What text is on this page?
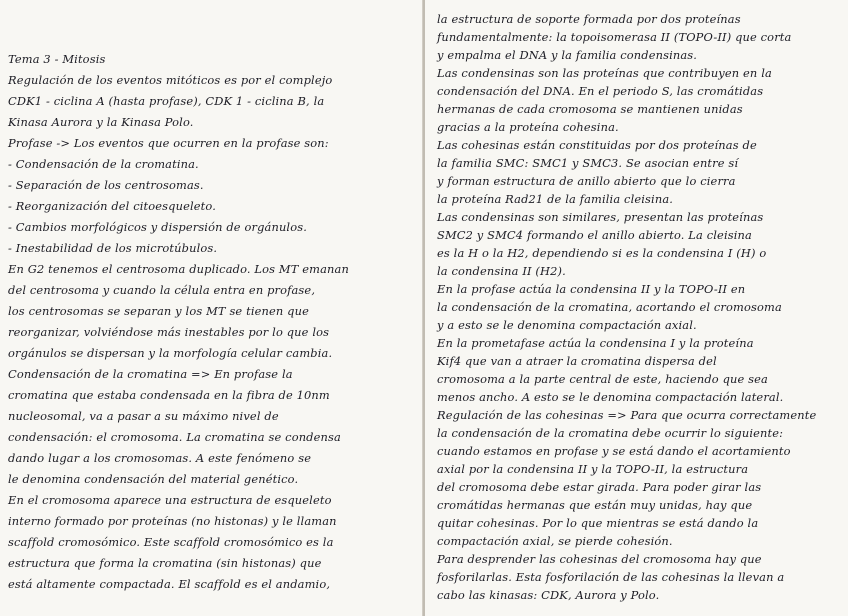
Tema 3 - Mitosis
Regulación de los eventos mitóticos es por el complejo
CDK1 - ciclina A (hasta profase), CDK 1 - ciclina B, la
Kinasa Aurora y la Kinasa Polo.
Profase -> Los eventos que ocurren en la profase son:
- Condensación de la cromatina.
- Separación de los centrosomas.
- Reorganización del citoesqueleto.
- Cambios morfológicos y dispersión de orgánulos.
- Inestabilidad de los microtúbulos.
En G2 tenemos el centrosoma duplicado. Los MT emanan
del centrosoma y cuando la célula entra en profase,
los centrosomas se separan y los MT se tienen que
reorganizar, volviéndose más inestables por lo que los
orgánulos se dispersan y la morfología celular cambia.
Condensación de la cromatina => En profase la
cromatina que estaba condensada en la fibra de 10nm
nucleosomal, va a pasar a su máximo nivel de
condensación: el cromosoma. La cromatina se condensa
dando lugar a los cromosomas. A este fenómeno se
le denomina condensación del material genético.
En el cromosoma aparece una estructura de esqueleto
interno formado por proteínas (no histonas) y le llaman
scaffold cromosómico. Este scaffold cromosómico es la
estructura que forma la cromatina (sin histonas) que
está altamente compactada. El scaffold es el andamio,
la estructura de soporte formada por dos proteínas
fundamentalmente: la topoisomerasa II (TOPO-II) que corta
y empalma el DNA y la familia condensinas.
Las condensinas son las proteínas que contribuyen en la
condensación del DNA. En el periodo S, las cromátidas
hermanas de cada cromosoma se mantienen unidas
gracias a la proteína cohesina.
Las cohesinas están constituidas por dos proteínas de
la familia SMC: SMC1 y SMC3. Se asocian entre sí
y forman estructura de anillo abierto que lo cierra
la proteína Rad21 de la familia cleisina.
Las condensinas son similares, presentan las proteínas
SMC2 y SMC4 formando el anillo abierto. La cleisina
es la H o la H2, dependiendo si es la condensina I (H) o
la condensina II (H2).
En la profase actúa la condensina II y la TOPO-II en
la condensación de la cromatina, acortando el cromosoma
y a esto se le denomina compactación axial.
En la prometafase actúa la condensina I y la proteína
Kif4 que van a atraer la cromatina dispersa del
cromosoma a la parte central de este, haciendo que sea
menos ancho. A esto se le denomina compactación lateral.
Regulación de las cohesinas => Para que ocurra correctamente
la condensación de la cromatina debe ocurrir lo siguiente:
cuando estamos en profase y se está dando el acortamiento
axial por la condensina II y la TOPO-II, la estructura
del cromosoma debe estar girada. Para poder girar las
cromátidas hermanas que están muy unidas, hay que
quitar cohesinas. Por lo que mientras se está dando la
compactación axial, se pierde cohesión.
Para desprender las cohesinas del cromosoma hay que
fosforilarlas. Esta fosforilación de las cohesinas la llevan a
cabo las kinasas: CDK, Aurora y Polo.
